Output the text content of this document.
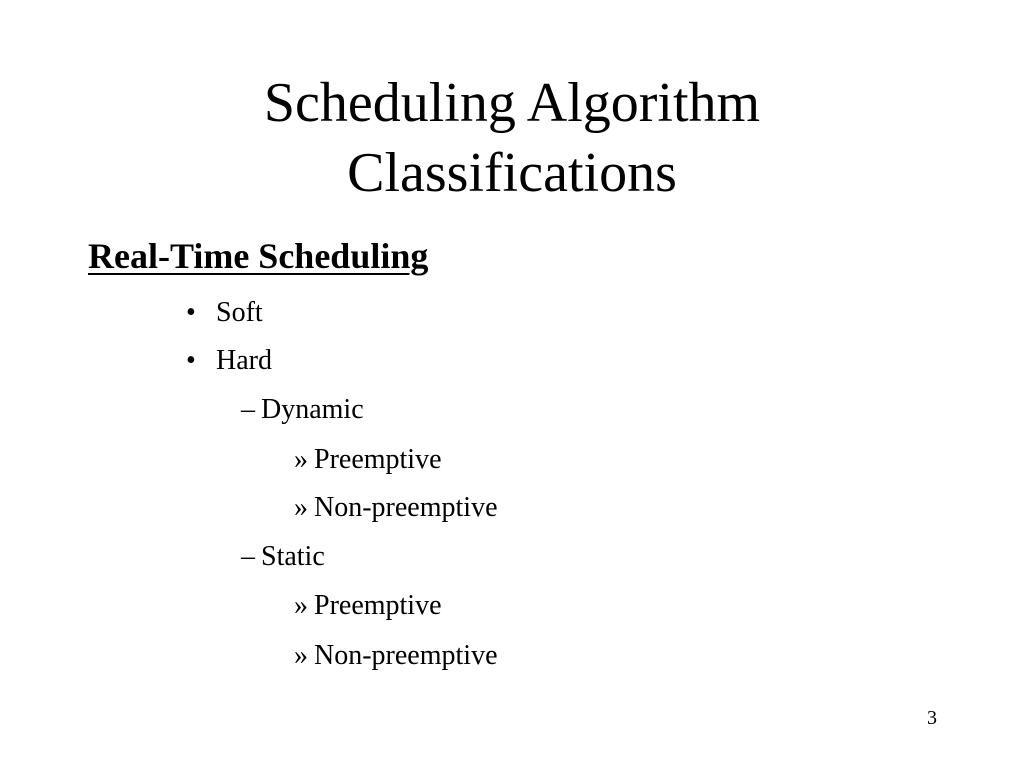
Scheduling Algorithm
Classifications
Real-Time Scheduling
• Soft
• Hard
– Dynamic
» Preemptive
» Non-preemptive
– Static
» Preemptive
» Non-preemptive
3
